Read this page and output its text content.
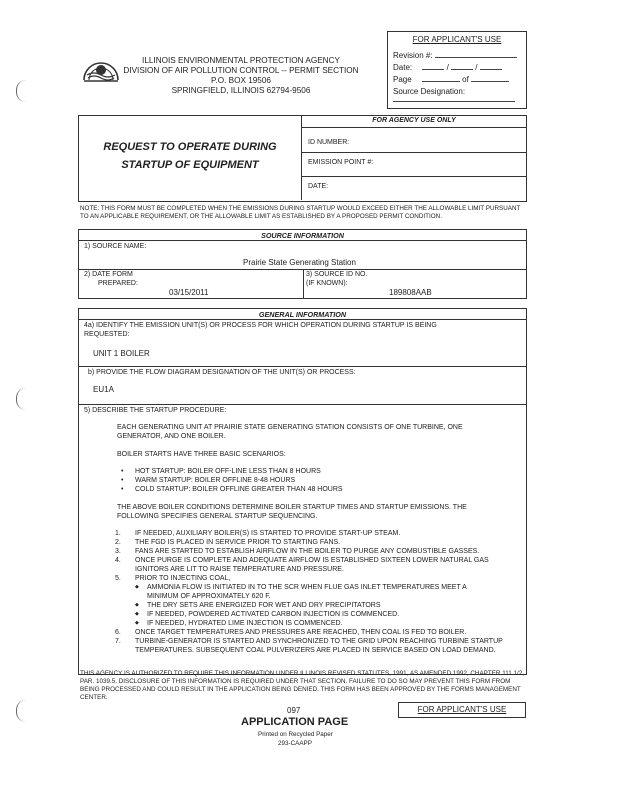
ILLINOIS ENVIRONMENTAL PROTECTION AGENCY
DIVISION OF AIR POLLUTION CONTROL -- PERMIT SECTION
P.O. BOX 19506
SPRINGFIELD, ILLINOIS 62794-9506
FOR APPLICANT'S USE
Revision #:
Date:	/	/
Page	of
Source Designation:
REQUEST TO OPERATE DURING
STARTUP OF EQUIPMENT
FOR AGENCY USE ONLY
ID NUMBER:
EMISSION POINT #:
DATE:
NOTE: THIS FORM MUST BE COMPLETED WHEN THE EMISSIONS DURING STARTUP WOULD EXCEED EITHER THE ALLOWABLE LIMIT PURSUANT TO AN APPLICABLE REQUIREMENT, OR THE ALLOWABLE LIMIT AS ESTABLISHED BY A PROPOSED PERMIT CONDITION.
SOURCE INFORMATION
1) SOURCE NAME:
Prairie State Generating Station
2) DATE FORM
PREPARED:
03/15/2011
3) SOURCE ID NO.
(IF KNOWN):
189808AAB
GENERAL INFORMATION
4a) IDENTIFY THE EMISSION UNIT(S) OR PROCESS FOR WHICH OPERATION DURING STARTUP IS BEING REQUESTED:
UNIT 1 BOILER
b) PROVIDE THE FLOW DIAGRAM DESIGNATION OF THE UNIT(S) OR PROCESS:
EU1A
5) DESCRIBE THE STARTUP PROCEDURE:
EACH GENERATING UNIT AT PRAIRIE STATE GENERATING STATION CONSISTS OF ONE TURBINE, ONE GENERATOR, AND ONE BOILER.
BOILER STARTS HAVE THREE BASIC SCENARIOS:
• HOT STARTUP: BOILER OFF-LINE LESS THAN 8 HOURS
• WARM STARTUP: BOILER OFFLINE 8-48 HOURS
• COLD STARTUP: BOILER OFFLINE GREATER THAN 48 HOURS
THE ABOVE BOILER CONDITIONS DETERMINE BOILER STARTUP TIMES AND STARTUP EMISSIONS. THE FOLLOWING SPECIFIES GENERAL STARTUP SEQUENCING.
1. IF NEEDED, AUXILIARY BOILER(S) IS STARTED TO PROVIDE START-UP STEAM.
2. THE FGD IS PLACED IN SERVICE PRIOR TO STARTING FANS.
3. FANS ARE STARTED TO ESTABLISH AIRFLOW IN THE BOILER TO PURGE ANY COMBUSTIBLE GASSES.
4. ONCE PURGE IS COMPLETE AND ADEQUATE AIRFLOW IS ESTABLISHED SIXTEEN LOWER NATURAL GAS IGNITORS ARE LIT TO RAISE TEMPERATURE AND PRESSURE.
5. PRIOR TO INJECTING COAL,
◆ AMMONIA FLOW IS INITIATED IN TO THE SCR WHEN FLUE GAS INLET TEMPERATURES MEET A MINIMUM OF APPROXIMATELY 620 F.
◆ THE DRY SETS ARE ENERGIZED FOR WET AND DRY PRECIPITATORS
◆ IF NEEDED, POWDERED ACTIVATED CARBON INJECTION IS COMMENCED.
◆ IF NEEDED, HYDRATED LIME INJECTION IS COMMENCED.
6. ONCE TARGET TEMPERATURES AND PRESSURES ARE REACHED, THEN COAL IS FED TO BOILER.
7. TURBINE-GENERATOR IS STARTED AND SYNCHRONIZED TO THE GRID UPON REACHING TURBINE STARTUP TEMPERATURES. SUBSEQUENT COAL PULVERIZERS ARE PLACED IN SERVICE BASED ON LOAD DEMAND.
THIS AGENCY IS AUTHORIZED TO REQUIRE THIS INFORMATION UNDER ILLINOIS REVISED STATUTES, 1991, AS AMENDED 1992, CHAPTER 111 1/2, PAR. 1039.5. DISCLOSURE OF THIS INFORMATION IS REQUIRED UNDER THAT SECTION. FAILURE TO DO SO MAY PREVENT THIS FORM FROM BEING PROCESSED AND COULD RESULT IN THE APPLICATION BEING DENIED. THIS FORM HAS BEEN APPROVED BY THE FORMS MANAGEMENT CENTER.
097
APPLICATION PAGE
Printed on Recycled Paper
293-CAAPP
FOR APPLICANT'S USE
